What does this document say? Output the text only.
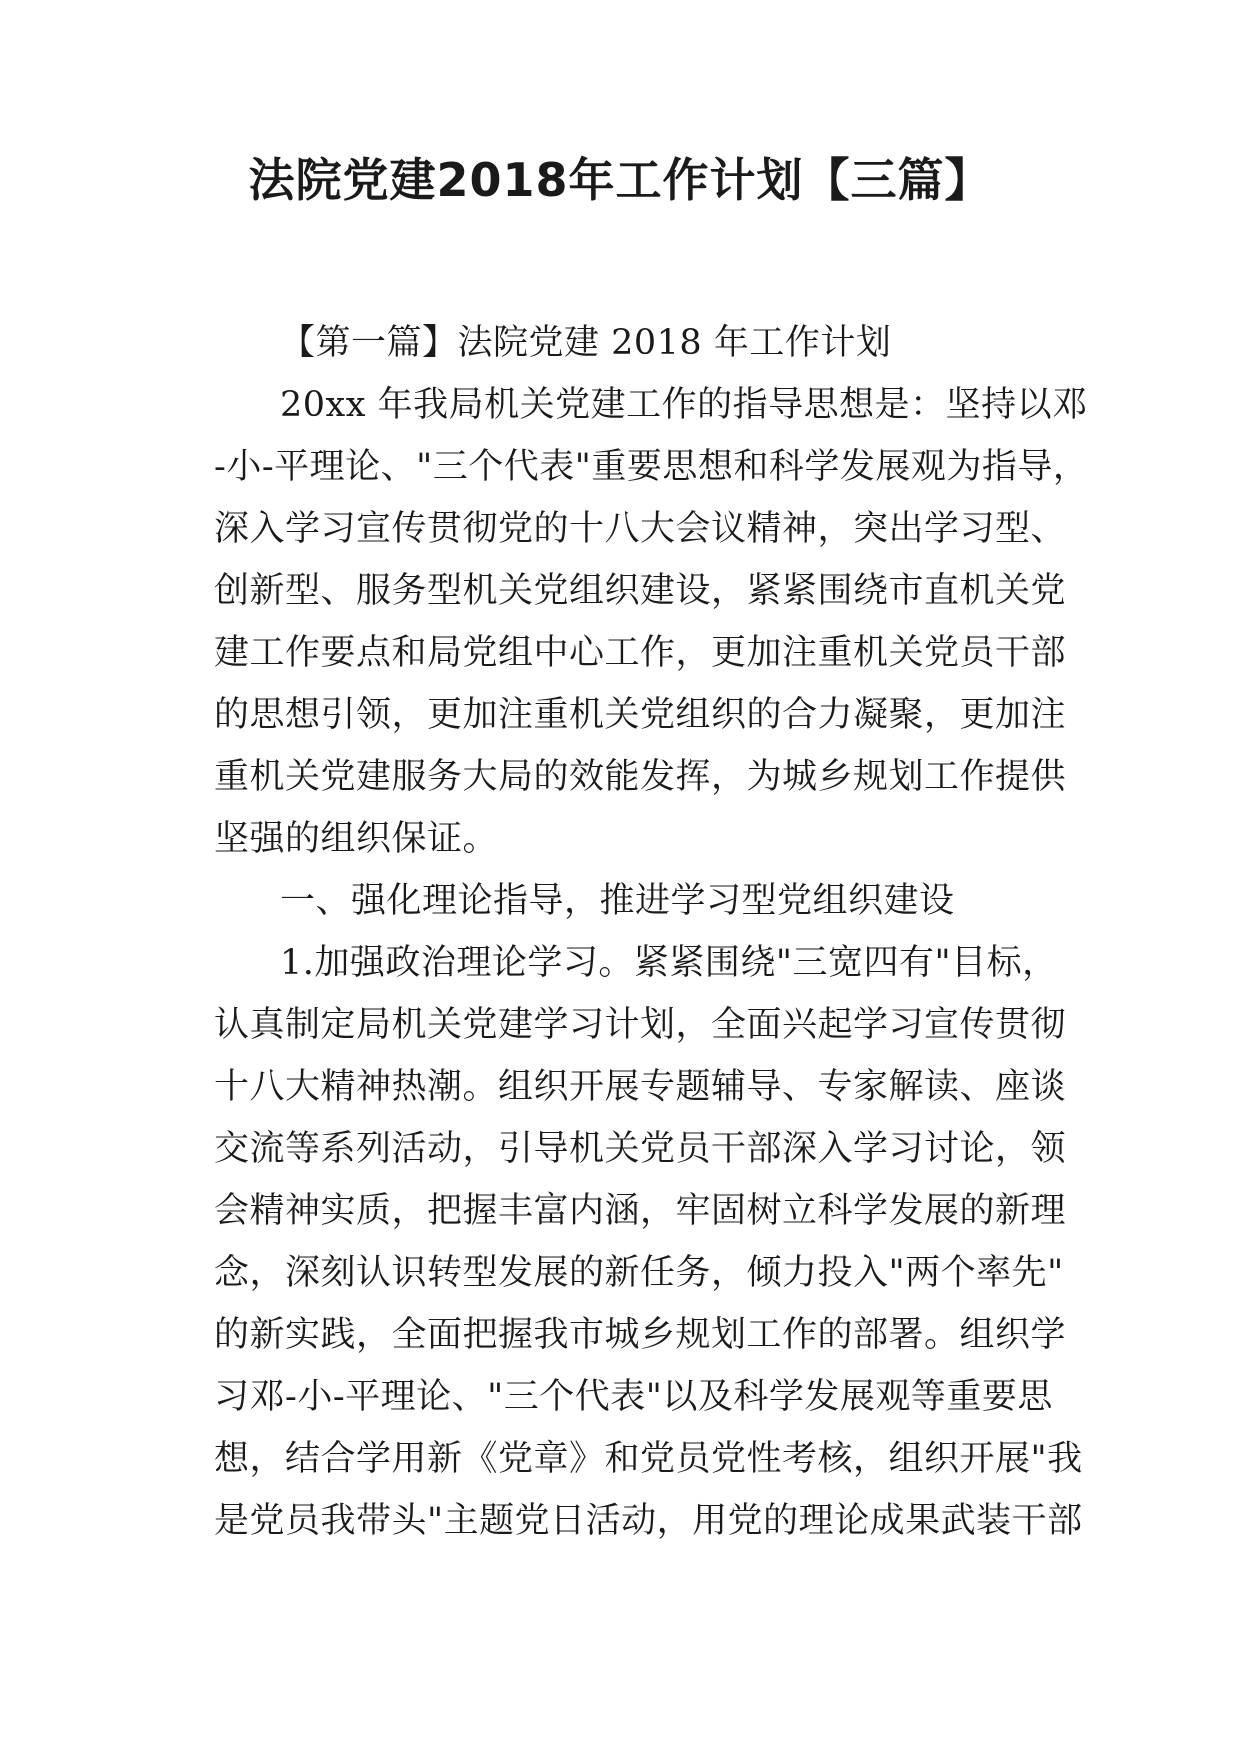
法院党建2018年工作计划【三篇】
【第一篇】法院党建 2018 年工作计划
20xx 年我局机关党建工作的指导思想是：坚持以邓
-小-平理论、"三个代表"重要思想和科学发展观为指导，
深入学习宣传贯彻党的十八大会议精神，突出学习型、
创新型、服务型机关党组织建设，紧紧围绕市直机关党
建工作要点和局党组中心工作，更加注重机关党员干部
的思想引领，更加注重机关党组织的合力凝聚，更加注
重机关党建服务大局的效能发挥，为城乡规划工作提供
坚强的组织保证。
一、强化理论指导，推进学习型党组织建设
1.加强政治理论学习。紧紧围绕"三宽四有"目标，
认真制定局机关党建学习计划，全面兴起学习宣传贯彻
十八大精神热潮。组织开展专题辅导、专家解读、座谈
交流等系列活动，引导机关党员干部深入学习讨论，领
会精神实质，把握丰富内涵，牢固树立科学发展的新理
念，深刻认识转型发展的新任务，倾力投入"两个率先"
的新实践，全面把握我市城乡规划工作的部署。组织学
习邓-小-平理论、"三个代表"以及科学发展观等重要思
想，结合学用新《党章》和党员党性考核，组织开展"我
是党员我带头"主题党日活动，用党的理论成果武装干部
